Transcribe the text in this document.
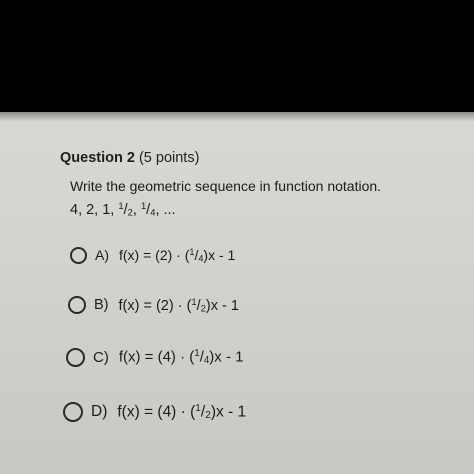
Question 2 (5 points)
Write the geometric sequence in function notation.
4, 2, 1, $^1$/2, $^1$/4, ...
A) f(x) = (2) · ($^1$/4)x - 1
B) f(x) = (2) · ($^1$/2)x - 1
C) f(x) = (4) · ($^1$/4)x - 1
D) f(x) = (4) · ($^1$/2)x - 1
